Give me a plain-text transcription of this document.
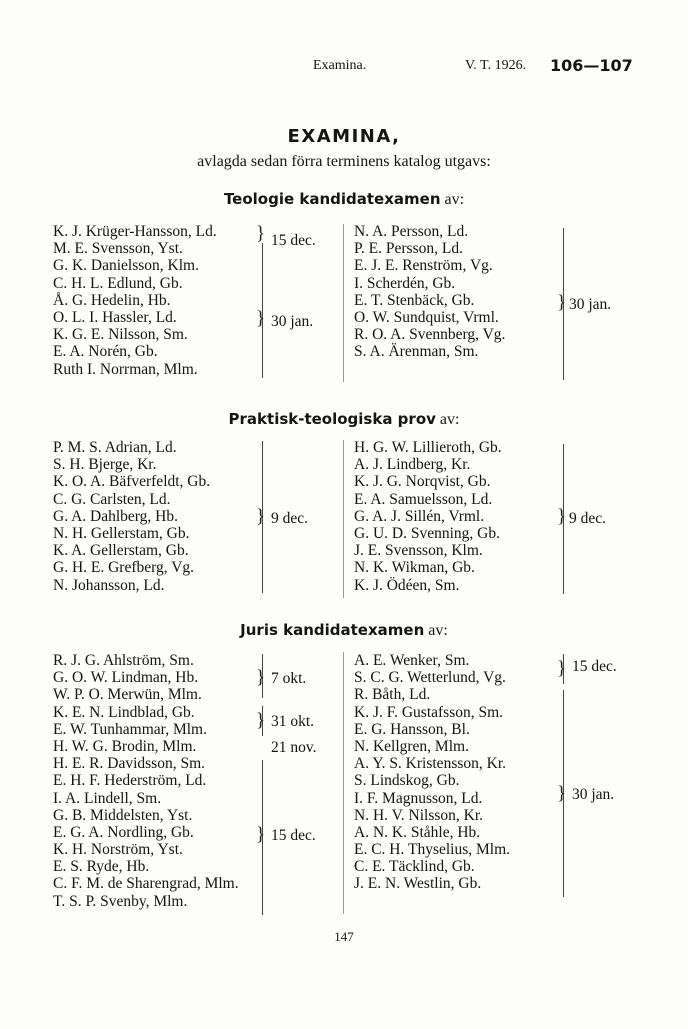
Examina.	V. T. 1926. 106—107
EXAMINA,
avlagda sedan förra terminens katalog utgavs:
Teologie kandidatexamen av:
K. J. Krüger-Hansson, Ld.
M. E. Svensson, Yst.
G. K. Danielsson, Klm.
C. H. L. Edlund, Gb.
Å. G. Hedelin, Hb.
O. L. I. Hassler, Ld.
K. G. E. Nilsson, Sm.
E. A. Norén, Gb.
Ruth I. Norrman, Mlm.
}
}
15 dec.
30 jan.
N. A. Persson, Ld.
P. E. Persson, Ld.
E. J. E. Renström, Vg.
I. Scherdén, Gb.
E. T. Stenbäck, Gb.
O. W. Sundquist, Vrml.
R. O. A. Svennberg, Vg.
S. A. Ärenman, Sm.
} 30 jan.
Praktisk-teologiska prov av:
P. M. S. Adrian, Ld.
S. H. Bjerge, Kr.
K. O. A. Bäfverfeldt, Gb.
C. G. Carlsten, Ld.
G. A. Dahlberg, Hb.
N. H. Gellerstam, Gb.
K. A. Gellerstam, Gb.
G. H. E. Grefberg, Vg.
N. Johansson, Ld.
} 9 dec.
H. G. W. Lillieroth, Gb.
A. J. Lindberg, Kr.
K. J. G. Norqvist, Gb.
E. A. Samuelsson, Ld.
G. A. J. Sillén, Vrml.
G. U. D. Svenning, Gb.
J. E. Svensson, Klm.
N. K. Wikman, Gb.
K. J. Ödéen, Sm.
} 9 dec.
Juris kandidatexamen av:
R. J. G. Ahlström, Sm.
G. O. W. Lindman, Hb.
W. P. O. Merwün, Mlm.
K. E. N. Lindblad, Gb.
E. W. Tunhammar, Mlm.
H. W. G. Brodin, Mlm.
H. E. R. Davidsson, Sm.
E. H. F. Hederström, Ld.
I. A. Lindell, Sm.
G. B. Middelsten, Yst.
E. G. A. Nordling, Gb.
K. H. Norström, Yst.
E. S. Ryde, Hb.
C. F. M. de Sharengrad, Mlm.
T. S. P. Svenby, Mlm.
} 7 okt.
} 31 okt.
21 nov.
} 15 dec.
A. E. Wenker, Sm.
S. C. G. Wetterlund, Vg.
R. Båth, Ld.
K. J. F. Gustafsson, Sm.
E. G. Hansson, Bl.
N. Kellgren, Mlm.
A. Y. S. Kristensson, Kr.
S. Lindskog, Gb.
I. F. Magnusson, Ld.
N. H. V. Nilsson, Kr.
A. N. K. Ståhle, Hb.
E. C. H. Thyselius, Mlm.
C. E. Täcklind, Gb.
J. E. N. Westlin, Gb.
} 15 dec.
} 30 jan.
147
